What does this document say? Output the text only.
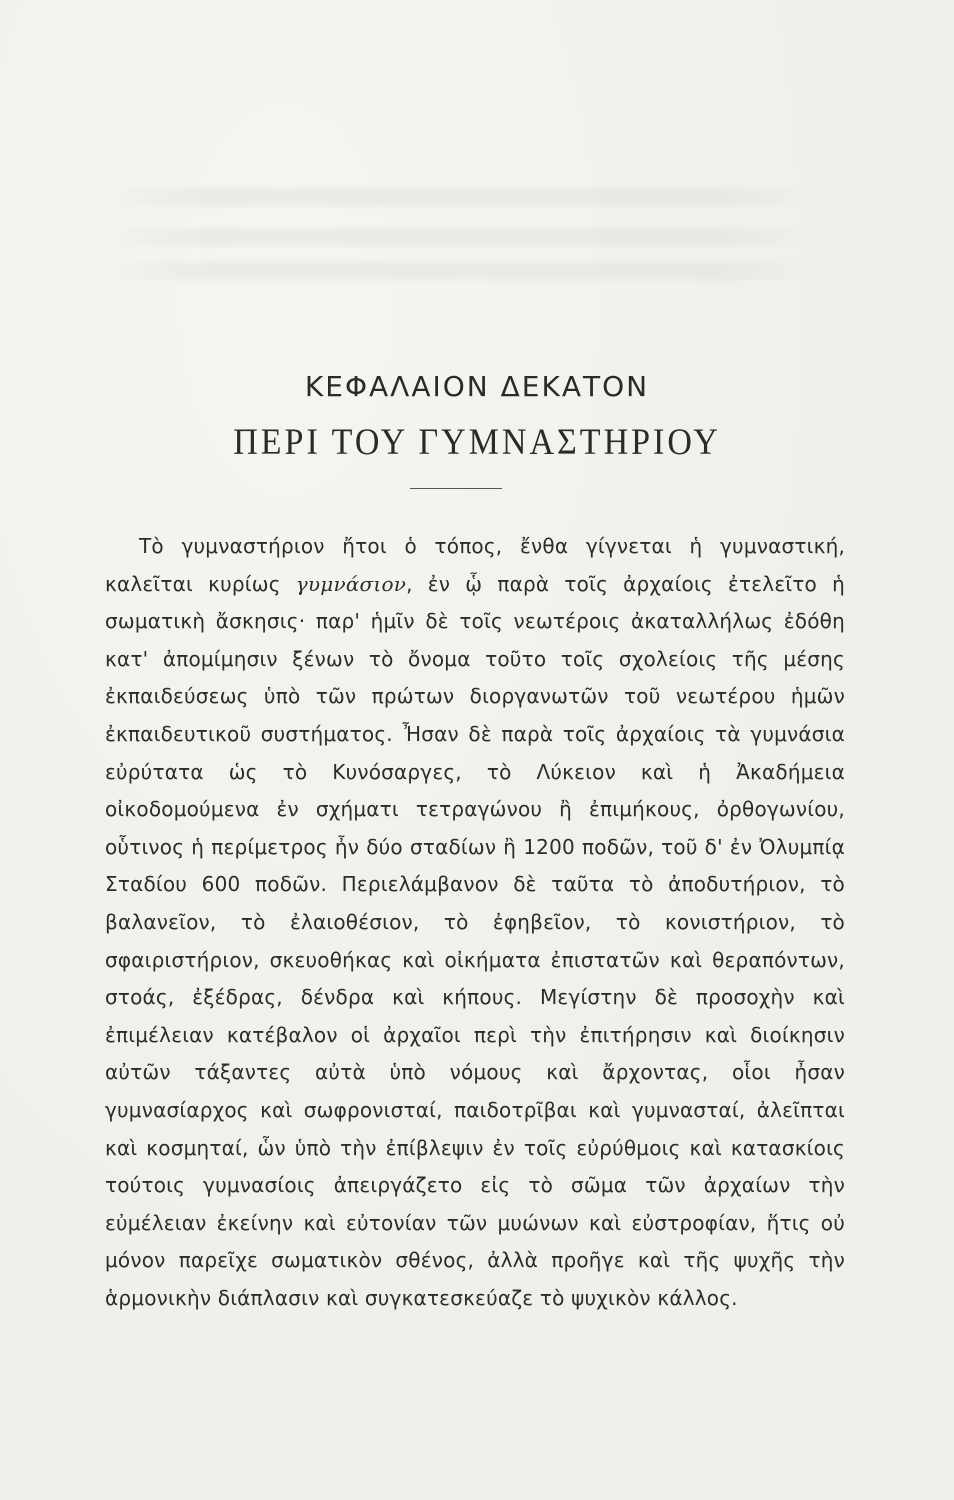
ΚΕΦΑΛΑΙΟΝ ΔΕΚΑΤΟΝ
ΠΕΡΙ ΤΟΥ ΓΥΜΝΑΣΤΗΡΙΟΥ

Τὸ γυμναστήριον ἤτοι ὁ τόπος, ἔνθα γίγνεται ἡ γυμναστική, καλεῖται κυρίως γυμνάσιον, ἐν ᾧ παρὰ τοῖς ἀρχαίοις ἐτελεῖτο ἡ σωματικὴ ἄσκησις· παρ' ἡμῖν δὲ τοῖς νεωτέροις ἀκαταλλήλως ἐδόθη κατ' ἀπομίμησιν ξένων τὸ ὄνομα τοῦτο τοῖς σχολείοις τῆς μέσης ἐκπαιδεύσεως ὑπὸ τῶν πρώτων διοργανωτῶν τοῦ νεωτέρου ἡμῶν ἐκπαιδευτικοῦ συστήματος. Ἦσαν δὲ παρὰ τοῖς ἀρχαίοις τὰ γυμνάσια εὐρύτατα ὡς τὸ Κυνόσαργες, τὸ Λύκειον καὶ ἡ Ἀκαδήμεια οἰκοδομούμενα ἐν σχήματι τετραγώνου ἢ ἐπιμήκους, ὀρθογωνίου, οὗτινος ἡ περίμετρος ἦν δύο σταδίων ἢ 1200 ποδῶν, τοῦ δ' ἐν Ὀλυμπίᾳ Σταδίου 600 ποδῶν. Περιελάμβανον δὲ ταῦτα τὸ ἀποδυτήριον, τὸ βαλανεῖον, τὸ ἐλαιοθέσιον, τὸ ἐφηβεῖον, τὸ κονιστήριον, τὸ σφαιριστήριον, σκευοθήκας καὶ οἰκήματα ἐπιστατῶν καὶ θεραπόντων, στοάς, ἐξέδρας, δένδρα καὶ κήπους. Μεγίστην δὲ προσοχὴν καὶ ἐπιμέλειαν κατέβαλον οἱ ἀρχαῖοι περὶ τὴν ἐπιτήρησιν καὶ διοίκησιν αὐτῶν τάξαντες αὐτὰ ὑπὸ νόμους καὶ ἄρχοντας, οἷοι ἦσαν γυμνασίαρχος καὶ σωφρονισταί, παιδοτρῖβαι καὶ γυμνασταί, ἀλεῖπται καὶ κοσμηταί, ὧν ὑπὸ τὴν ἐπίβλεψιν ἐν τοῖς εὐρύθμοις καὶ κατασκίοις τούτοις γυμνασίοις ἀπειργάζετο εἰς τὸ σῶμα τῶν ἀρχαίων τὴν εὐμέλειαν ἐκείνην καὶ εὐτονίαν τῶν μυώνων καὶ εὐστροφίαν, ἥτις οὐ μόνον παρεῖχε σωματικὸν σθένος, ἀλλὰ προῆγε καὶ τῆς ψυχῆς τὴν ἁρμονικὴν διάπλασιν καὶ συγκατεσκεύαζε τὸ ψυχικὸν κάλλος.
